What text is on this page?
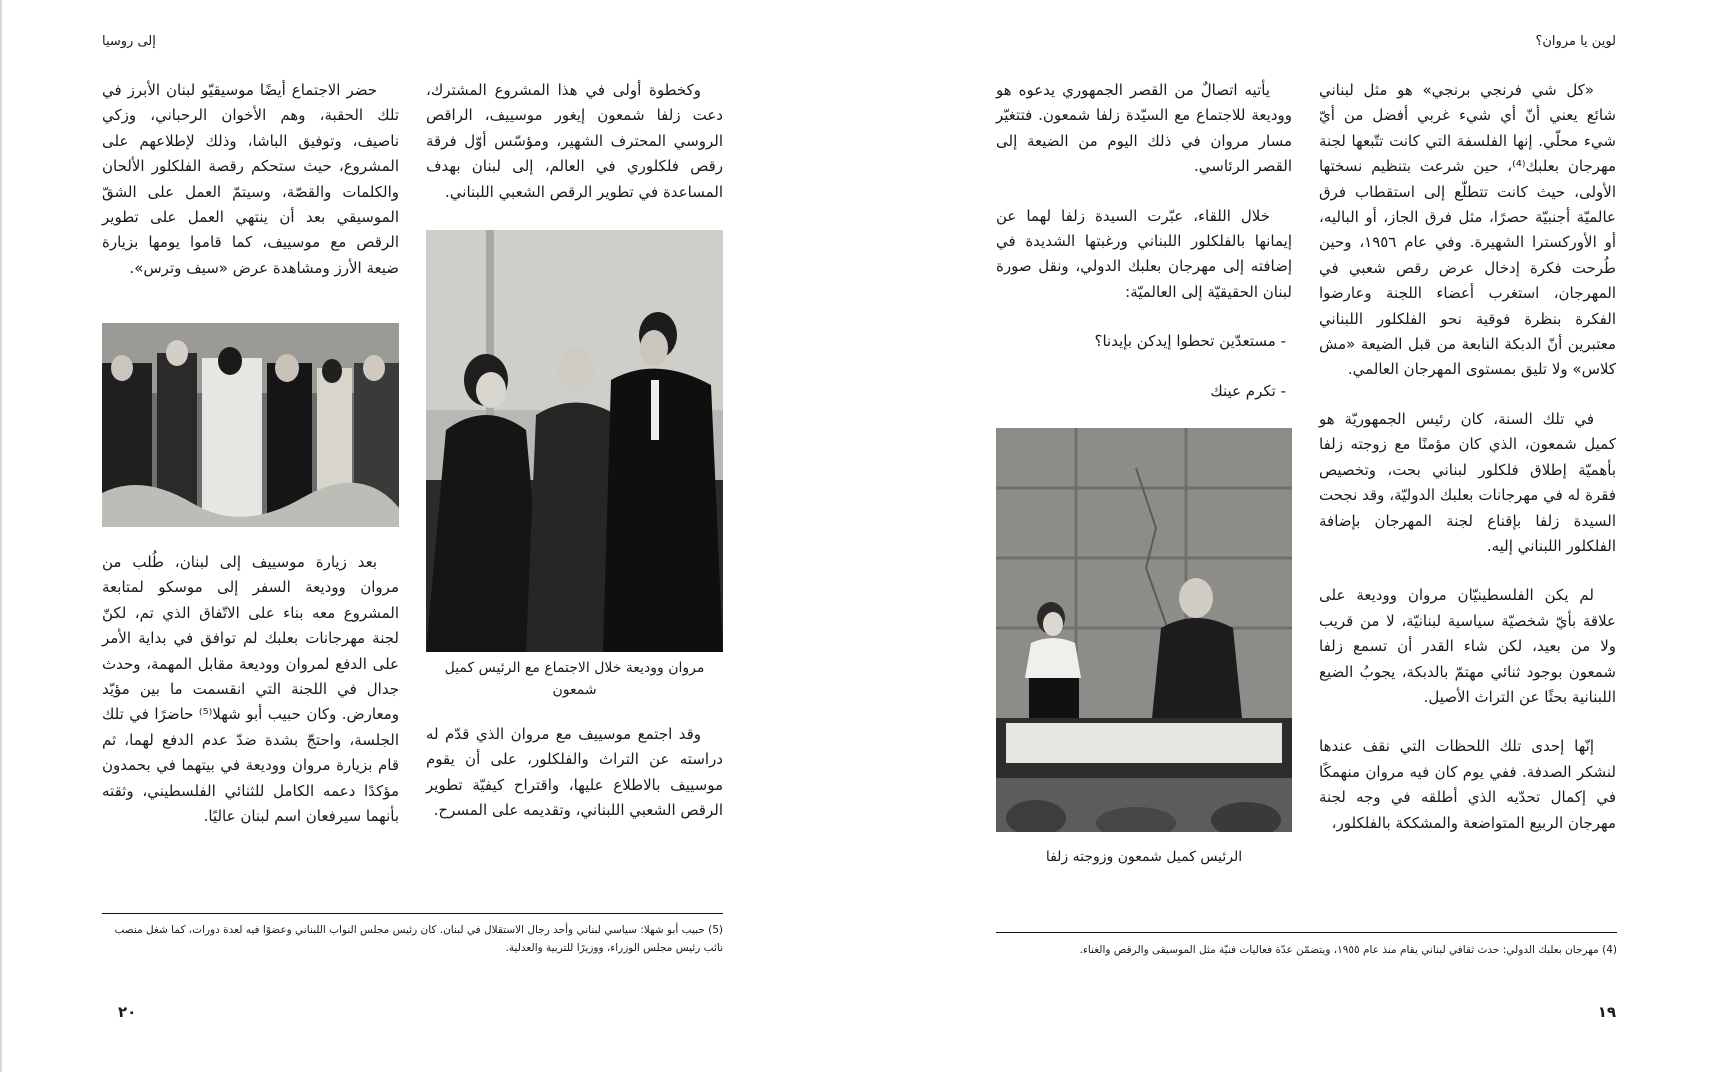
إلى روسيا

وكخطوة أولى في هذا المشروع المشترك، دعت زلفا شمعون إيغور موسييف، الراقص الروسي المحترف الشهير، ومؤسّس أوّل فرقة رقص فلكلوري في العالم، إلى لبنان بهدف المساعدة في تطوير الرقص الشعبي اللبناني.

مروان ووديعة خلال الاجتماع مع الرئيس كميل شمعون

وقد اجتمع موسييف مع مروان الذي قدّم له دراسته عن التراث والفلكلور، على أن يقوم موسييف بالاطلاع عليها، واقتراح كيفيّة تطوير الرقص الشعبي اللبناني، وتقديمه على المسرح.

حضر الاجتماع أيضًا موسيقيّو لبنان الأبرز في تلك الحقبة، وهم الأخوان الرحباني، وزكي ناصيف، وتوفيق الباشا، وذلك لإطلاعهم على المشروع، حيث ستحكم رقصة الفلكلور الألحان والكلمات والقصّة، وسيتمّ العمل على الشقّ الموسيقي بعد أن ينتهي العمل على تطوير الرقص مع موسييف، كما قاموا يومها بزيارة ضيعة الأرز ومشاهدة عرض «سيف وترس».

بعد زيارة موسييف إلى لبنان، طُلب من مروان ووديعة السفر إلى موسكو لمتابعة المشروع معه بناء على الاتّفاق الذي تم، لكنّ لجنة مهرجانات بعلبك لم توافق في بداية الأمر على الدفع لمروان ووديعة مقابل المهمة، وحدث جدال في اللجنة التي انقسمت ما بين مؤيّد ومعارض. وكان حبيب أبو شهلا⁽⁵⁾ حاضرًا في تلك الجلسة، واحتجّ بشدة ضدّ عدم الدفع لهما، ثم قام بزيارة مروان ووديعة في بيتهما في بحمدون مؤكدًا دعمه الكامل للثنائي الفلسطيني، وثقته بأنهما سيرفعان اسم لبنان عاليًا.

(5) حبيب أبو شهلا: سياسي لبناني وأحد رجال الاستقلال في لبنان. كان رئيس مجلس النواب اللبناني وعضوًا فيه لعدة دورات، كما شغل منصب نائب رئيس مجلس الوزراء، ووزيرًا للتربية والعدلية.
٢٠
لوين يا مروان؟

«كل شي فرنجي برنجي» هو مثل لبناني شائع يعني أنّ أي شيء غربي أفضل من أيّ شيء محلّي. إنها الفلسفة التي كانت تتّبعها لجنة مهرجان بعلبك⁽⁴⁾، حين شرعت بتنظيم نسختها الأولى، حيث كانت تتطلّع إلى استقطاب فرق عالميّة أجنبيّة حصرًا، مثل فرق الجاز، أو الباليه، أو الأوركسترا الشهيرة. وفي عام ١٩٥٦، وحين طُرحت فكرة إدخال عرض رقص شعبي في المهرجان، استغرب أعضاء اللجنة وعارضوا الفكرة بنظرة فوقية نحو الفلكلور اللبناني معتبرين أنّ الدبكة النابعة من قبل الضيعة «مش كلاس» ولا تليق بمستوى المهرجان العالمي.

في تلك السنة، كان رئيس الجمهوريّة هو كميل شمعون، الذي كان مؤمنًا مع زوجته زلفا بأهميّة إطلاق فلكلور لبناني بحت، وتخصيص فقرة له في مهرجانات بعلبك الدوليّة، وقد نجحت السيدة زلفا بإقناع لجنة المهرجان بإضافة الفلكلور اللبناني إليه.

لم يكن الفلسطينيّان مروان ووديعة على علاقة بأيّ شخصيّة سياسية لبنانيّة، لا من قريب ولا من بعيد، لكن شاء القدر أن تسمع زلفا شمعون بوجود ثنائي مهتمّ بالدبكة، يجوبُ الضيع اللبنانية بحثًا عن التراث الأصيل.

إنّها إحدى تلك اللحظات التي نقف عندها لنشكر الصدفة. ففي يوم كان فيه مروان منهمكًا في إكمال تحدّيه الذي أطلقه في وجه لجنة مهرجان الربيع المتواضعة والمشككة بالفلكلور،

يأتيه اتصالٌ من القصر الجمهوري يدعوه هو ووديعة للاجتماع مع السيّدة زلفا شمعون. فتتغيّر مسار مروان في ذلك اليوم من الضيعة إلى القصر الرئاسي.

خلال اللقاء، عبّرت السيدة زلفا لهما عن إيمانها بالفلكلور اللبناني ورغبتها الشديدة في إضافته إلى مهرجان بعلبك الدولي، ونقل صورة لبنان الحقيقيّة إلى العالميّة:

- مستعدّين تحطوا إيدكن بإيدنا؟

- تكرم عينك

الرئيس كميل شمعون وزوجته زلفا
(4) مهرجان بعلبك الدولي: حدث ثقافي لبناني يقام منذ عام ١٩٥٥، ويتضمّن عدّة فعاليات فنيّة مثل الموسيقى والرقص والغناء.
١٩
